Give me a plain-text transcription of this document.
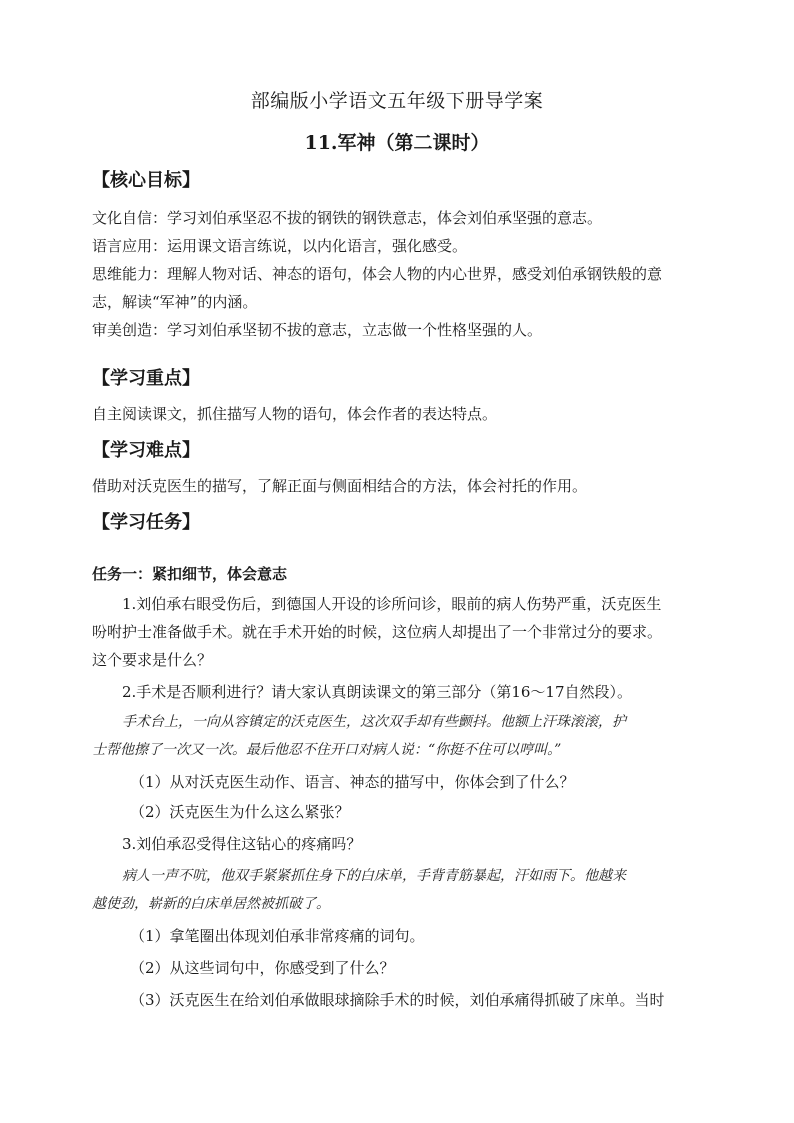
部编版小学语文五年级下册导学案
11.军神（第二课时）
【核心目标】
文化自信：学习刘伯承坚忍不拔的钢铁的钢铁意志，体会刘伯承坚强的意志。
语言应用：运用课文语言练说，以内化语言，强化感受。
思维能力：理解人物对话、神态的语句，体会人物的内心世界，感受刘伯承钢铁般的意
志，解读“军神”的内涵。
审美创造：学习刘伯承坚韧不拔的意志，立志做一个性格坚强的人。
【学习重点】
自主阅读课文，抓住描写人物的语句，体会作者的表达特点。
【学习难点】
借助对沃克医生的描写，了解正面与侧面相结合的方法，体会衬托的作用。
【学习任务】
任务一：紧扣细节，体会意志
1.刘伯承右眼受伤后，到德国人开设的诊所问诊，眼前的病人伤势严重，沃克医生
吩咐护士准备做手术。就在手术开始的时候，这位病人却提出了一个非常过分的要求。
这个要求是什么？
2.手术是否顺利进行？请大家认真朗读课文的第三部分（第16～17自然段）。
手术台上，一向从容镇定的沃克医生，这次双手却有些颤抖。他额上汗珠滚滚，护
士帮他擦了一次又一次。最后他忍不住开口对病人说：“你挺不住可以哼叫。”
（1）从对沃克医生动作、语言、神态的描写中，你体会到了什么？
（2）沃克医生为什么这么紧张？
3.刘伯承忍受得住这钻心的疼痛吗？
病人一声不吭，他双手紧紧抓住身下的白床单，手背青筋暴起，汗如雨下。他越来
越使劲，崭新的白床单居然被抓破了。
（1）拿笔圈出体现刘伯承非常疼痛的词句。
（2）从这些词句中，你感受到了什么？
（3）沃克医生在给刘伯承做眼球摘除手术的时候，刘伯承痛得抓破了床单。当时
